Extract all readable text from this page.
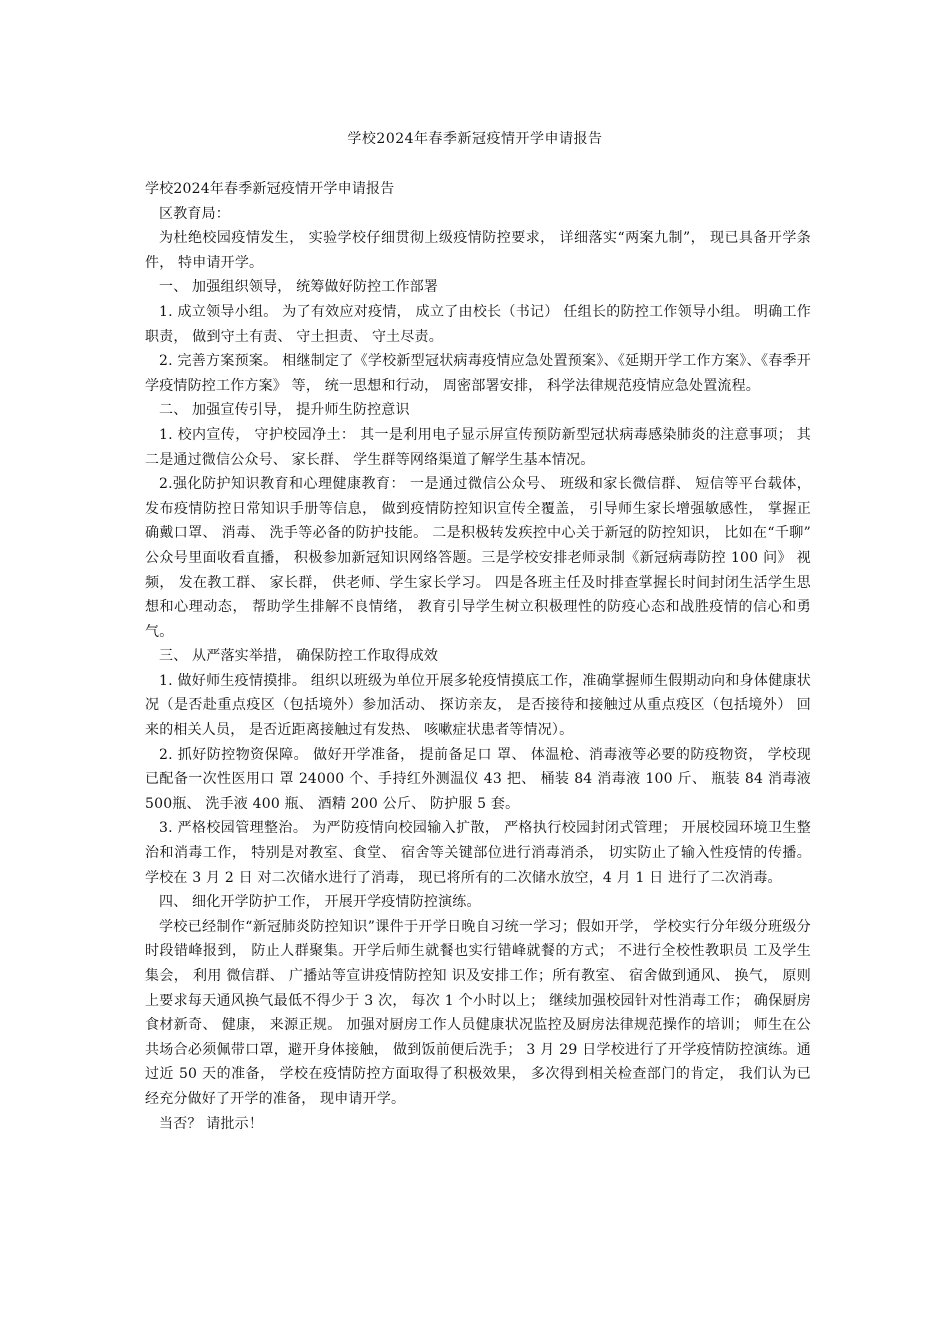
学校2024年春季新冠疫情开学申请报告

学校2024年春季新冠疫情开学申请报告

区教育局：

为杜绝校园疫情发生， 实验学校仔细贯彻上级疫情防控要求， 详细落实“两案九制”， 现已具备开学条件， 特申请开学。

一、 加强组织领导， 统筹做好防控工作部署

1. 成立领导小组。 为了有效应对疫情， 成立了由校长（书记） 任组长的防控工作领导小组。 明确工作职责， 做到守土有责、 守土担责、 守土尽责。

2. 完善方案预案。 相继制定了《学校新型冠状病毒疫情应急处置预案》、《延期开学工作方案》、《春季开学疫情防控工作方案》 等， 统一思想和行动， 周密部署安排， 科学法律规范疫情应急处置流程。

二、 加强宣传引导， 提升师生防控意识

1. 校内宣传， 守护校园净土： 其一是利用电子显示屏宣传预防新型冠状病毒感染肺炎的注意事项； 其二是通过微信公众号、 家长群、 学生群等网络渠道了解学生基本情况。

2.强化防护知识教育和心理健康教育： 一是通过微信公众号、 班级和家长微信群、 短信等平台载体， 发布疫情防控日常知识手册等信息， 做到疫情防控知识宣传全覆盖， 引导师生家长增强敏感性， 掌握正确戴口罩、 消毒、 洗手等必备的防护技能。 二是积极转发疾控中心关于新冠的防控知识， 比如在“千聊” 公众号里面收看直播， 积极参加新冠知识网络答题。三是学校安排老师录制《新冠病毒防控 100 问》 视频， 发在教工群、 家长群， 供老师、学生家长学习。 四是各班主任及时排查掌握长时间封闭生活学生思想和心理动态， 帮助学生排解不良情绪， 教育引导学生树立积极理性的防疫心态和战胜疫情的信心和勇气。

三、 从严落实举措， 确保防控工作取得成效

1. 做好师生疫情摸排。 组织以班级为单位开展多轮疫情摸底工作，准确掌握师生假期动向和身体健康状况（是否赴重点疫区（包括境外）参加活动、 探访亲友， 是否接待和接触过从重点疫区（包括境外） 回来的相关人员， 是否近距离接触过有发热、 咳嗽症状患者等情况）。

2. 抓好防控物资保障。 做好开学准备， 提前备足口 罩、 体温枪、消毒液等必要的防疫物资， 学校现已配备一次性医用口 罩 24000 个、手持红外测温仪 43 把、 桶装 84 消毒液 100 斤、 瓶装 84 消毒液 500瓶、 洗手液 400 瓶、 酒精 200 公斤、 防护服 5 套。

3. 严格校园管理整治。 为严防疫情向校园输入扩散， 严格执行校园封闭式管理； 开展校园环境卫生整治和消毒工作， 特别是对教室、食堂、 宿舍等关键部位进行消毒消杀， 切实防止了输入性疫情的传播。学校在 3 月 2 日 对二次储水进行了消毒， 现已将所有的二次储水放空，4 月 1 日 进行了二次消毒。

四、 细化开学防护工作， 开展开学疫情防控演练。

学校已经制作“新冠肺炎防控知识”课件于开学日晚自习统一学习；假如开学， 学校实行分年级分班级分时段错峰报到， 防止人群聚集。开学后师生就餐也实行错峰就餐的方式； 不进行全校性教职员 工及学生集会， 利用 微信群、 广播站等宣讲疫情防控知 识及安排工作；所有教室、 宿舍做到通风、 换气， 原则 上要求每天通风换气最低不得少于 3 次， 每次 1 个小时以上； 继续加强校园针对性消毒工作； 确保厨房食材新奇、 健康， 来源正规。 加强对厨房工作人员健康状况监控及厨房法律规范操作的培训； 师生在公共场合必须佩带口罩，避开身体接触， 做到饭前便后洗手； 3 月 29 日学校进行了开学疫情防控演练。通过近 50 天的准备， 学校在疫情防控方面取得了积极效果， 多次得到相关检查部门的肯定， 我们认为已经充分做好了开学的准备， 现申请开学。

当否？ 请批示！
